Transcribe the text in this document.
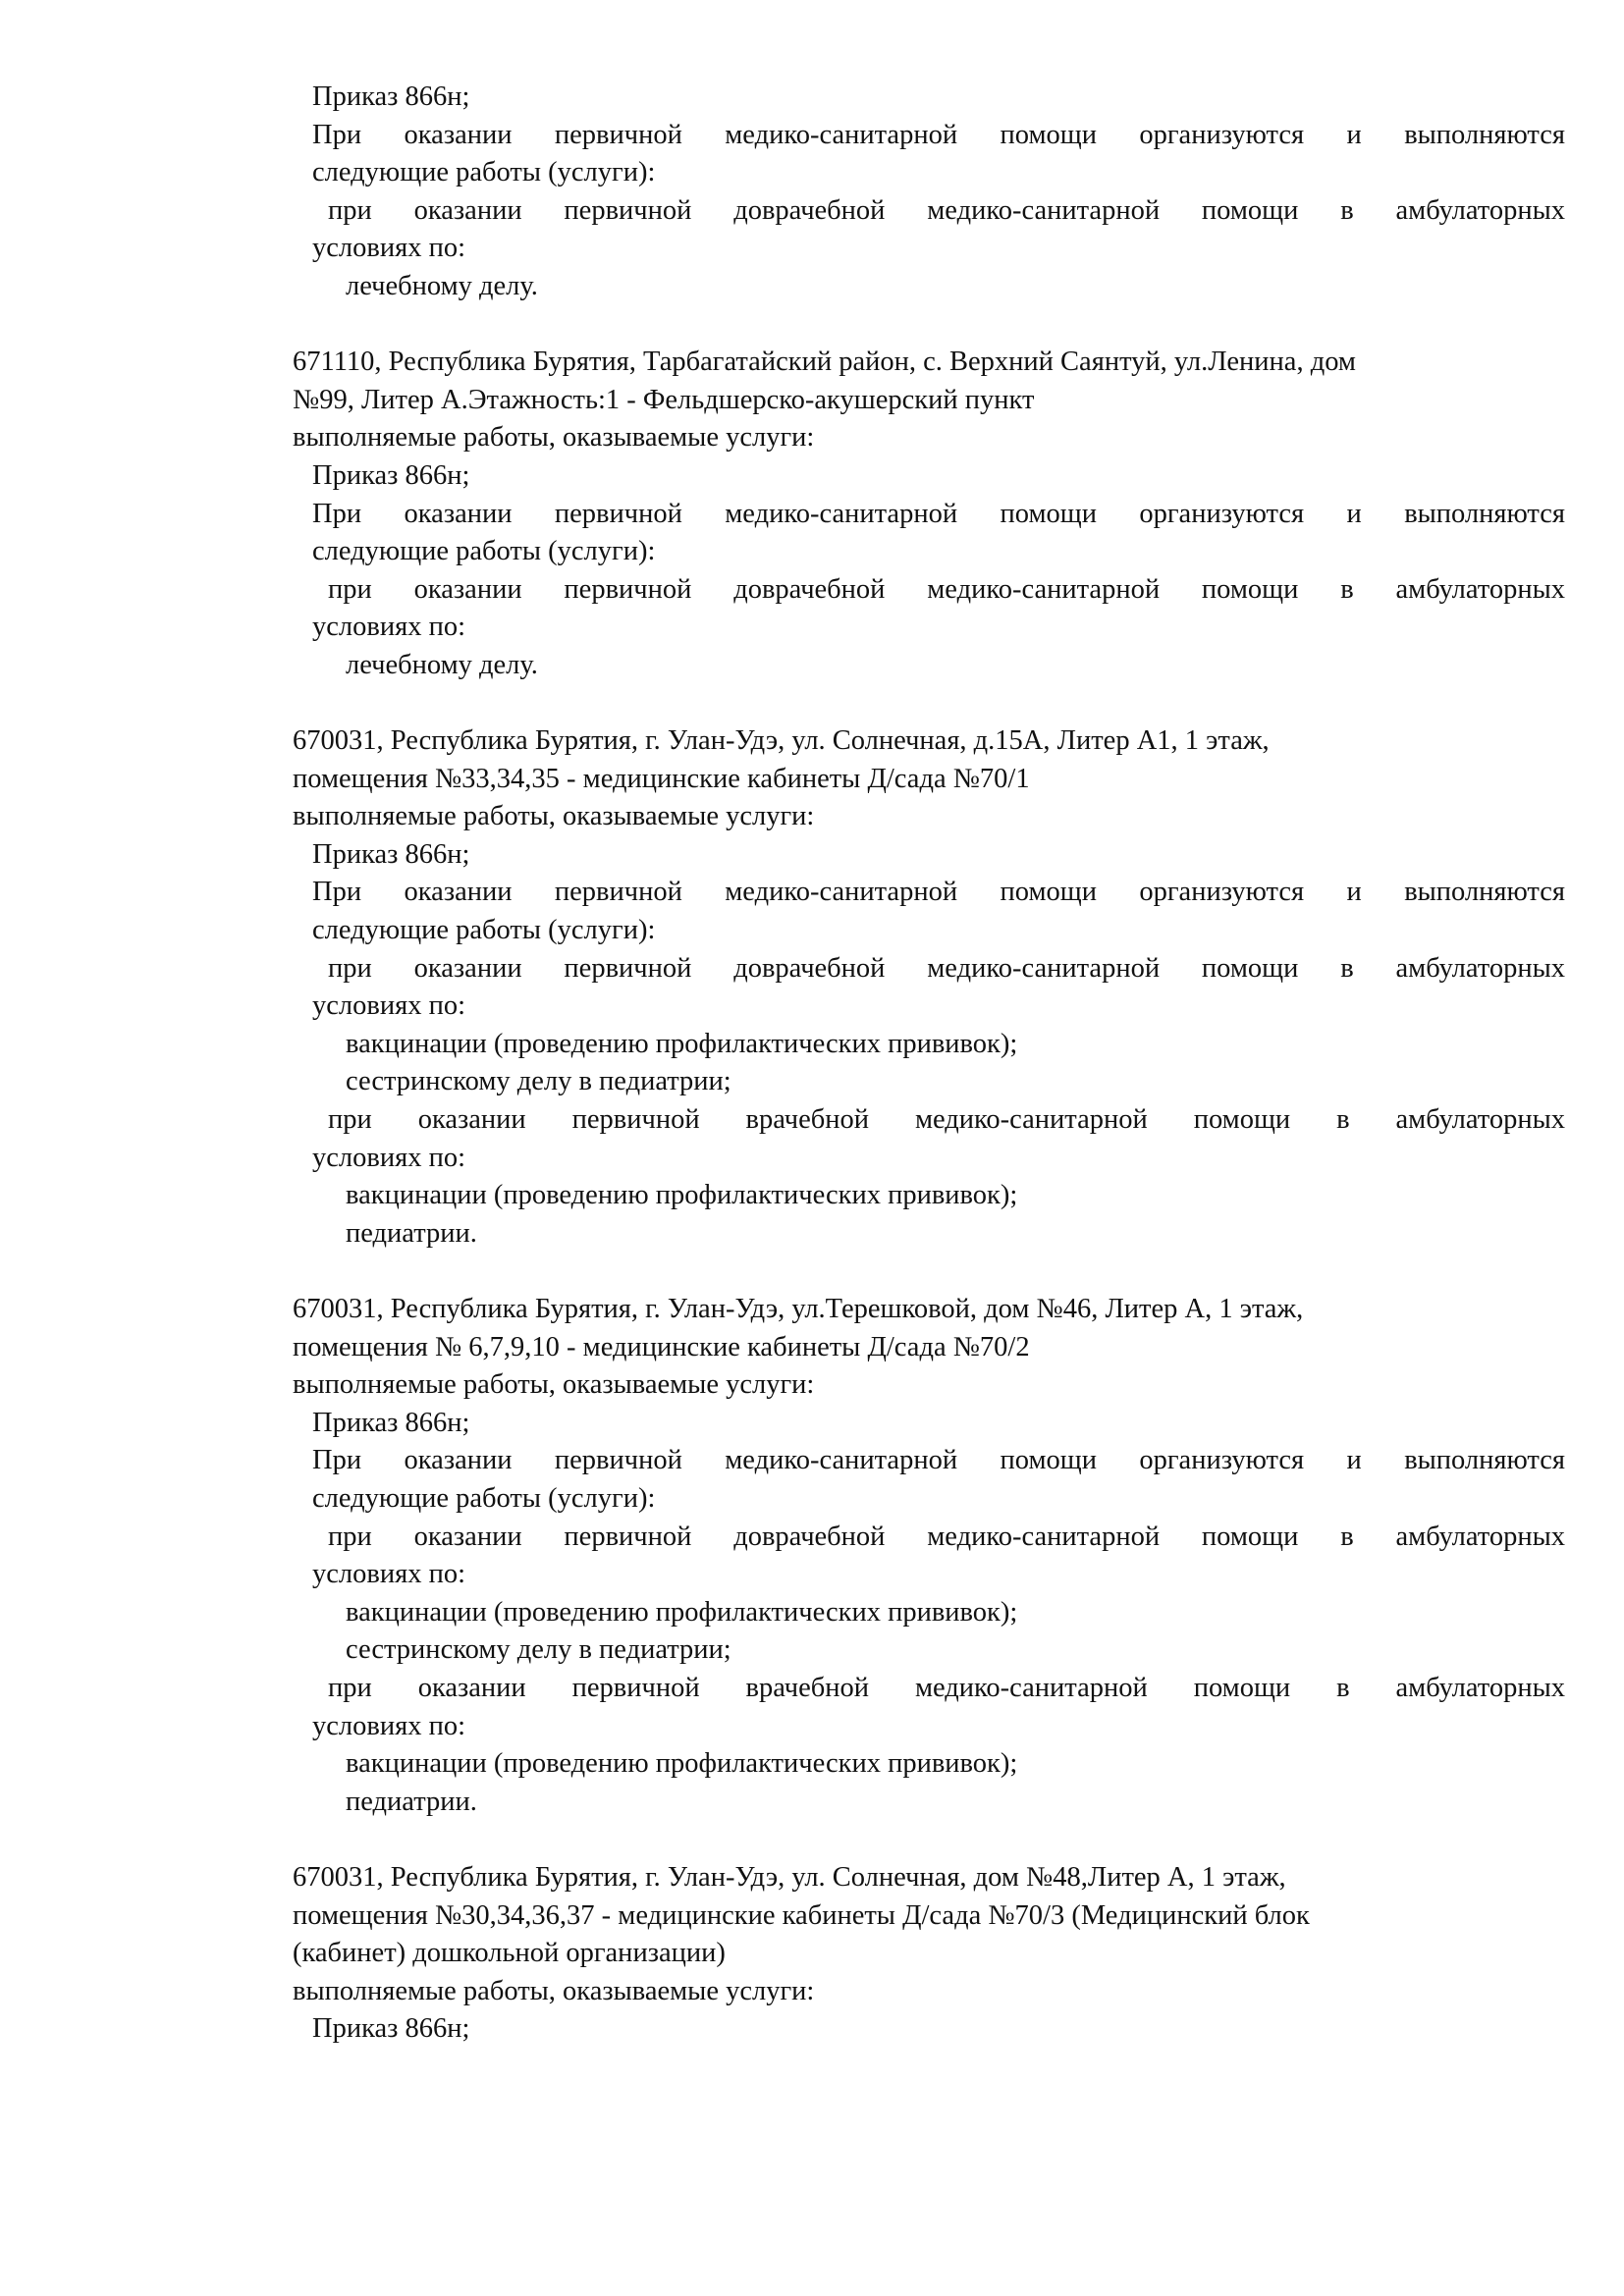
Приказ 866н;
При оказании первичной медико-санитарной помощи организуются и выполняются
следующие работы (услуги):
при оказании первичной доврачебной медико-санитарной помощи в амбулаторных
условиях по:
лечебному делу.
671110, Республика Бурятия, Тарбагатайский район, с. Верхний Саянтуй, ул.Ленина, дом
№99, Литер А.Этажность:1 - Фельдшерско-акушерский пункт
выполняемые работы, оказываемые услуги:
Приказ 866н;
При оказании первичной медико-санитарной помощи организуются и выполняются
следующие работы (услуги):
при оказании первичной доврачебной медико-санитарной помощи в амбулаторных
условиях по:
лечебному делу.
670031, Республика Бурятия, г. Улан-Удэ, ул. Солнечная, д.15А, Литер А1, 1 этаж,
помещения №33,34,35 - медицинские кабинеты Д/сада №70/1
выполняемые работы, оказываемые услуги:
Приказ 866н;
При оказании первичной медико-санитарной помощи организуются и выполняются
следующие работы (услуги):
при оказании первичной доврачебной медико-санитарной помощи в амбулаторных
условиях по:
вакцинации (проведению профилактических прививок);
сестринскому делу в педиатрии;
при оказании первичной врачебной медико-санитарной помощи в амбулаторных
условиях по:
вакцинации (проведению профилактических прививок);
педиатрии.
670031, Республика Бурятия, г. Улан-Удэ, ул.Терешковой, дом №46, Литер А, 1 этаж,
помещения № 6,7,9,10 - медицинские кабинеты Д/сада №70/2
выполняемые работы, оказываемые услуги:
Приказ 866н;
При оказании первичной медико-санитарной помощи организуются и выполняются
следующие работы (услуги):
при оказании первичной доврачебной медико-санитарной помощи в амбулаторных
условиях по:
вакцинации (проведению профилактических прививок);
сестринскому делу в педиатрии;
при оказании первичной врачебной медико-санитарной помощи в амбулаторных
условиях по:
вакцинации (проведению профилактических прививок);
педиатрии.
670031, Республика Бурятия, г. Улан-Удэ, ул. Солнечная, дом №48,Литер А, 1 этаж,
помещения №30,34,36,37 - медицинские кабинеты Д/сада №70/3 (Медицинский блок
(кабинет) дошкольной организации)
выполняемые работы, оказываемые услуги:
Приказ 866н;
